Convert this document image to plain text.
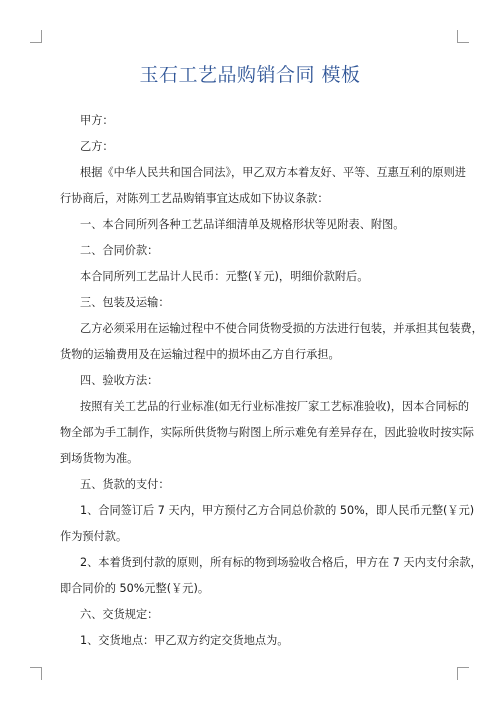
玉石工艺品购销合同 模板
甲方：
乙方：
根据《中华人民共和国合同法》，甲乙双方本着友好、平等、互惠互利的原则进
行协商后，对陈列工艺品购销事宜达成如下协议条款：
一、本合同所列各种工艺品详细清单及规格形状等见附表、附图。
二、合同价款：
本合同所列工艺品计人民币：元整(￥元)，明细价款附后。
三、包装及运输：
乙方必须采用在运输过程中不使合同货物受损的方法进行包装，并承担其包装费，
货物的运输费用及在运输过程中的损坏由乙方自行承担。
四、验收方法：
按照有关工艺品的行业标准(如无行业标准按厂家工艺标准验收)，因本合同标的
物全部为手工制作，实际所供货物与附图上所示难免有差异存在，因此验收时按实际
到场货物为准。
五、货款的支付：
1、合同签订后 7 天内，甲方预付乙方合同总价款的 50%，即人民币元整(￥元)
作为预付款。
2、本着货到付款的原则，所有标的物到场验收合格后，甲方在 7 天内支付余款，
即合同价的 50%元整(￥元)。
六、交货规定：
1、交货地点：甲乙双方约定交货地点为。
